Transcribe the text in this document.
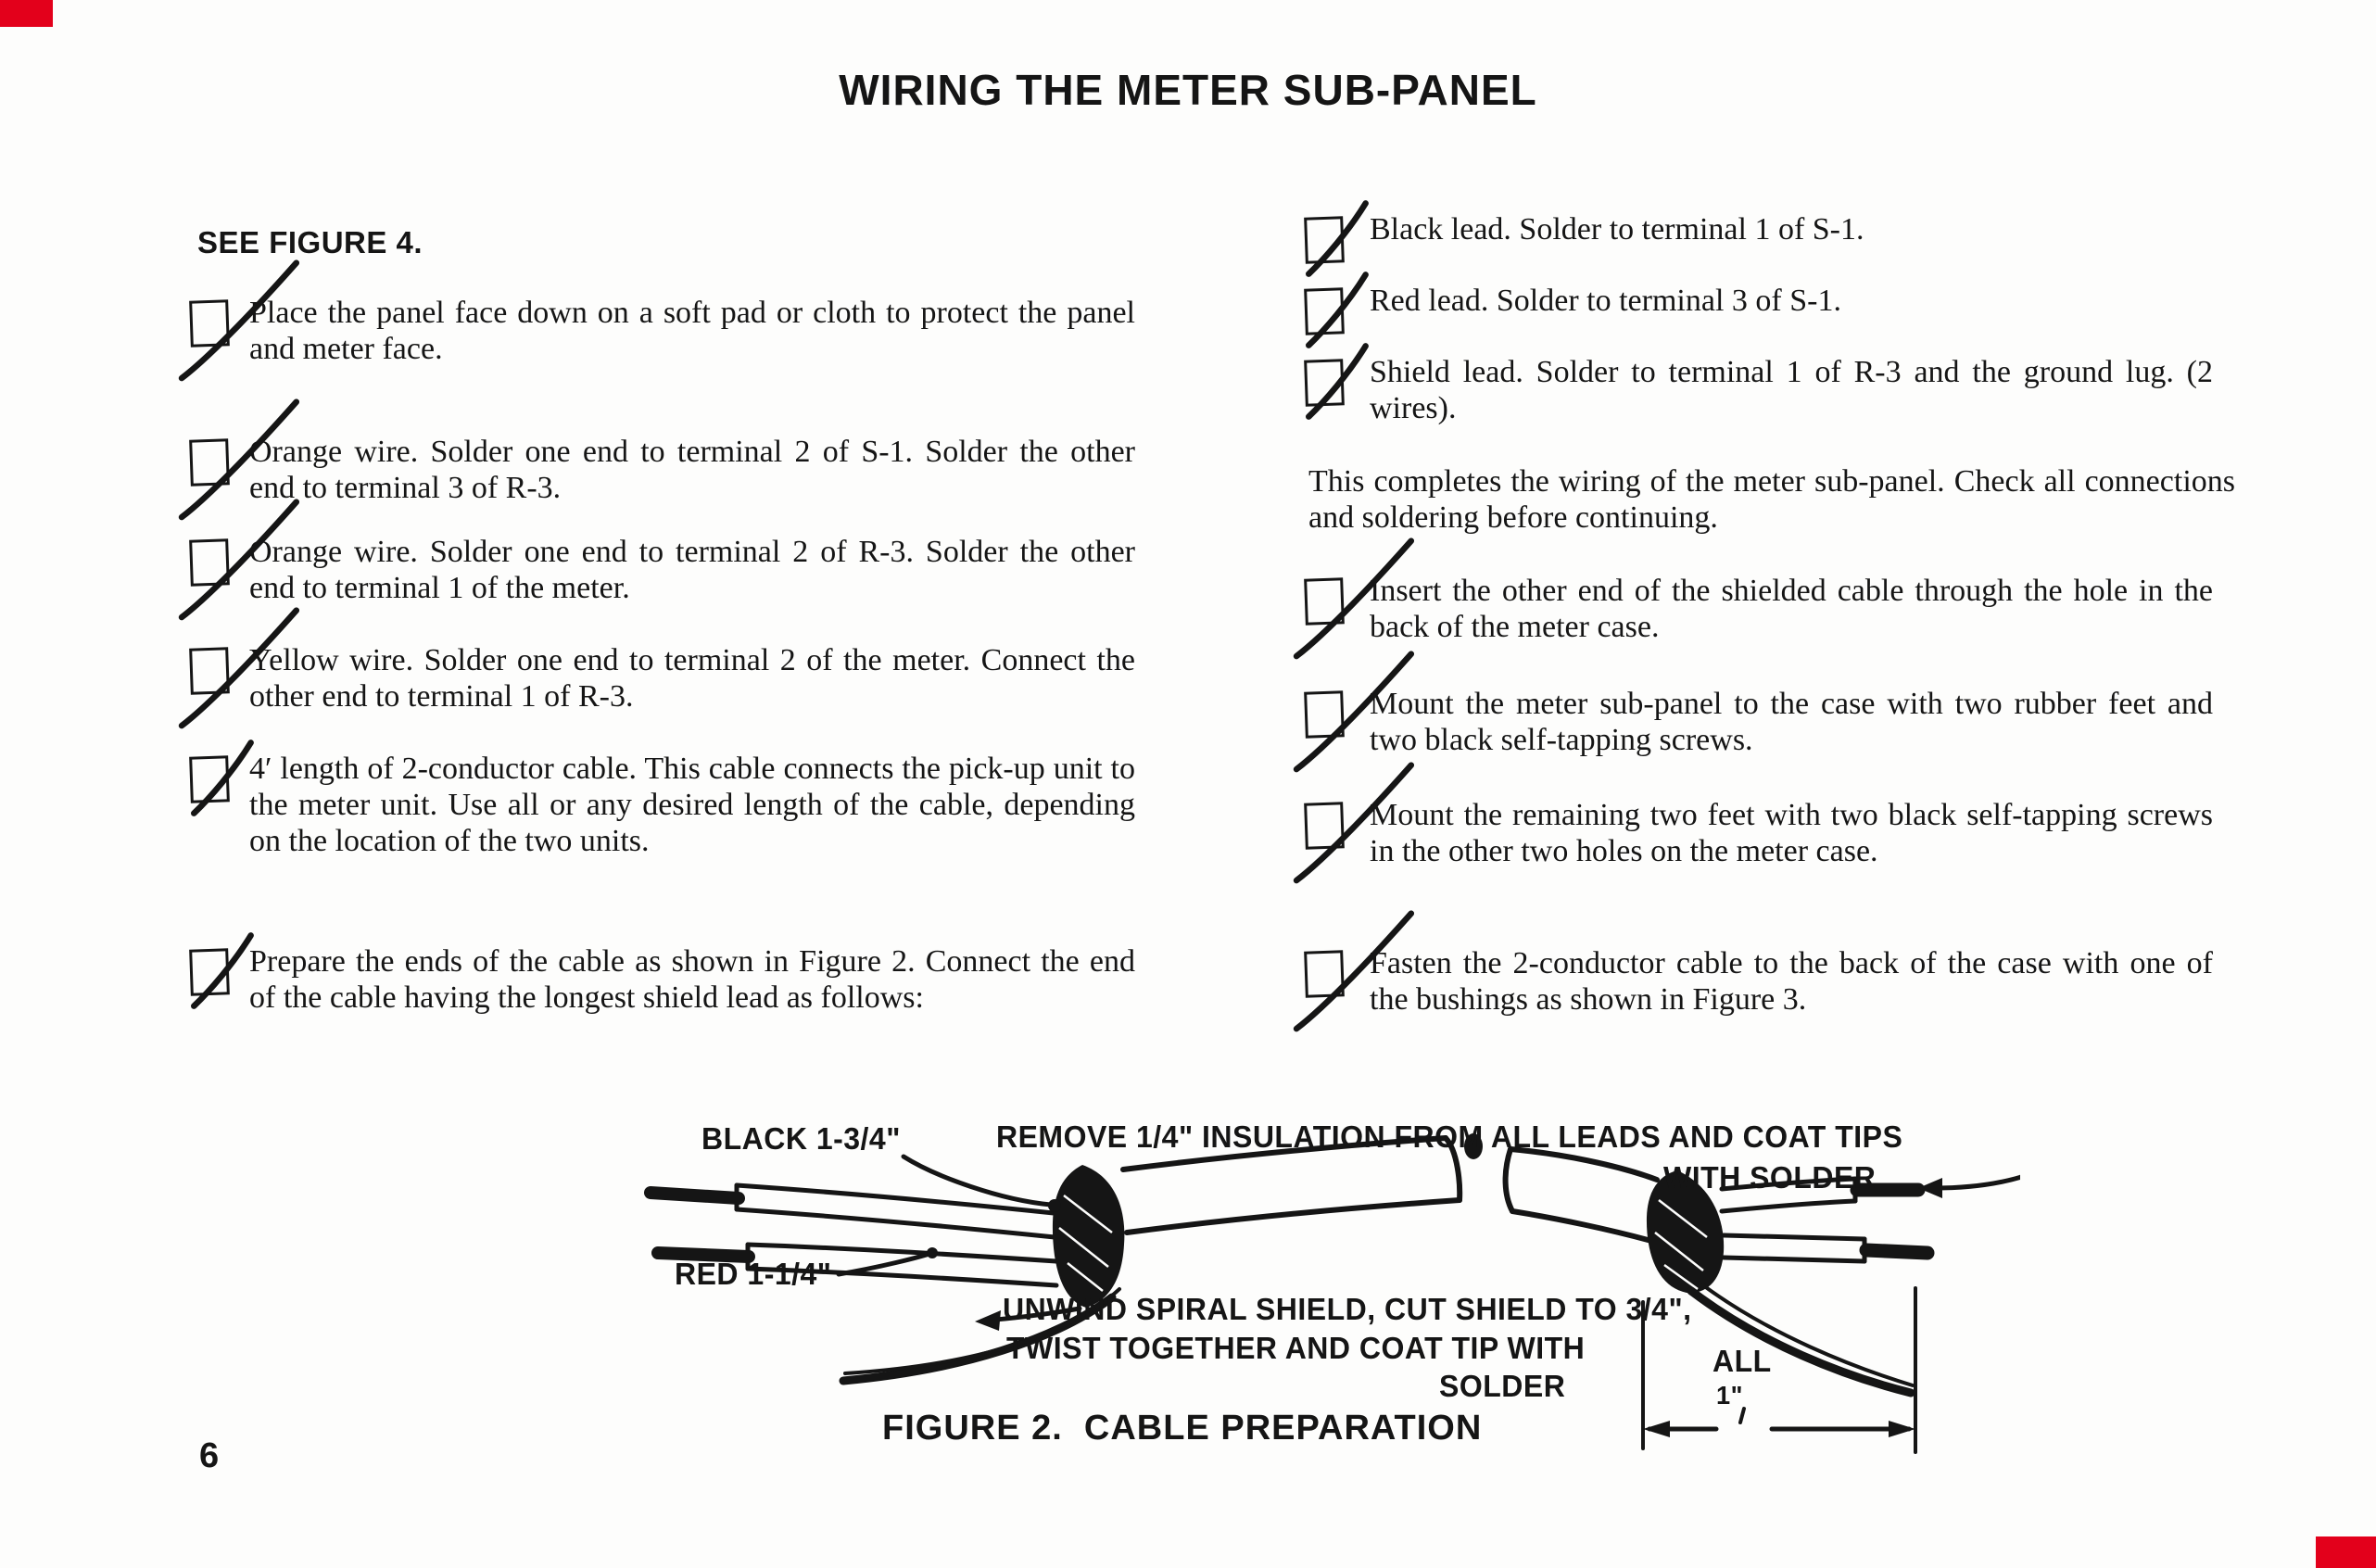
WIRING THE METER SUB-PANEL
SEE FIGURE 4.

Place the panel face down on a soft pad or cloth to protect the panel and meter face.

Orange wire. Solder one end to terminal 2 of S-1. Solder the other end to terminal 3 of R-3.

Orange wire. Solder one end to terminal 2 of R-3. Solder the other end to terminal 1 of the meter.

Yellow wire. Solder one end to terminal 2 of the meter. Connect the other end to terminal 1 of R-3.

4′ length of 2-conductor cable. This cable connects the pick-up unit to the meter unit. Use all or any desired length of the cable, depending on the location of the two units.

Prepare the ends of the cable as shown in Figure 2. Connect the end of the cable having the longest shield lead as follows:

Black lead. Solder to terminal 1 of S-1.

Red lead. Solder to terminal 3 of S-1.

Shield lead. Solder to terminal 1 of R-3 and the ground lug. (2 wires).

This completes the wiring of the meter sub-panel. Check all connections and soldering before continuing.

Insert the other end of the shielded cable through the hole in the back of the meter case.

Mount the meter sub-panel to the case with two rubber feet and two black self-tapping screws.

Mount the remaining two feet with two black self-tapping screws in the other two holes on the meter case.

Fasten the 2-conductor cable to the back of the case with one of the bushings as shown in Figure 3.

BLACK 1-3/4"	REMOVE 1/4" INSULATION FROM ALL LEADS AND COAT TIPS
WITH SOLDER
RED 1-1/4"
UNWIND SPIRAL SHIELD, CUT SHIELD TO 3/4",
TWIST TOGETHER AND COAT TIP WITH
SOLDER
ALL
1"
FIGURE 2.  CABLE PREPARATION
6
